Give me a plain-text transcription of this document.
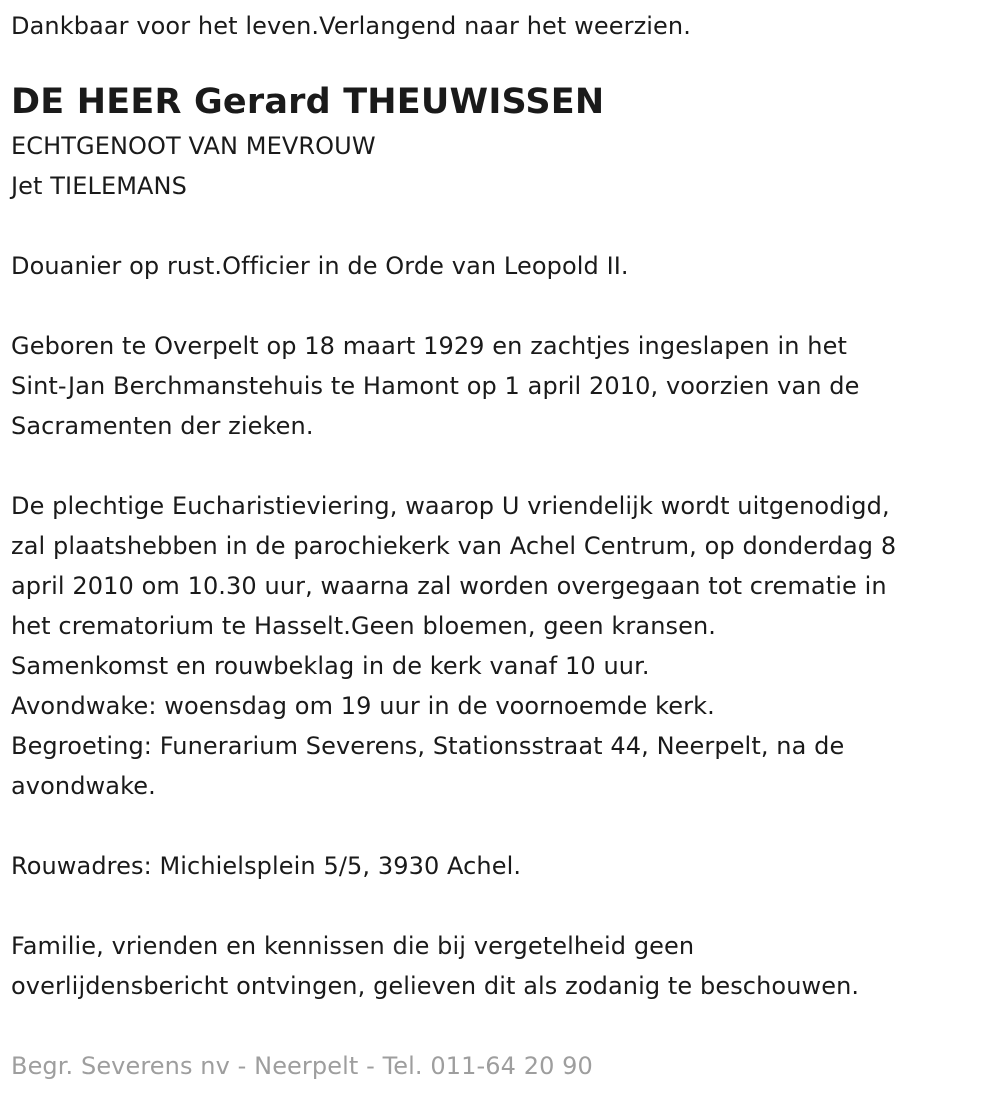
Dankbaar voor het leven.Verlangend naar het weerzien.
DE HEER Gerard THEUWISSEN
ECHTGENOOT VAN MEVROUW
Jet TIELEMANS
Douanier op rust.Officier in de Orde van Leopold II.
Geboren te Overpelt op 18 maart 1929 en zachtjes ingeslapen in het
Sint-Jan Berchmanstehuis te Hamont op 1 april 2010, voorzien van de
Sacramenten der zieken.
De plechtige Eucharistieviering, waarop U vriendelijk wordt uitgenodigd,
zal plaatshebben in de parochiekerk van Achel Centrum, op donderdag 8
april 2010 om 10.30 uur, waarna zal worden overgegaan tot crematie in
het crematorium te Hasselt.Geen bloemen, geen kransen.
Samenkomst en rouwbeklag in de kerk vanaf 10 uur.
Avondwake: woensdag om 19 uur in de voornoemde kerk.
Begroeting: Funerarium Severens, Stationsstraat 44, Neerpelt, na de
avondwake.
Rouwadres: Michielsplein 5/5, 3930 Achel.
Familie, vrienden en kennissen die bij vergetelheid geen
overlijdensbericht ontvingen, gelieven dit als zodanig te beschouwen.
Begr. Severens nv - Neerpelt - Tel. 011-64 20 90
